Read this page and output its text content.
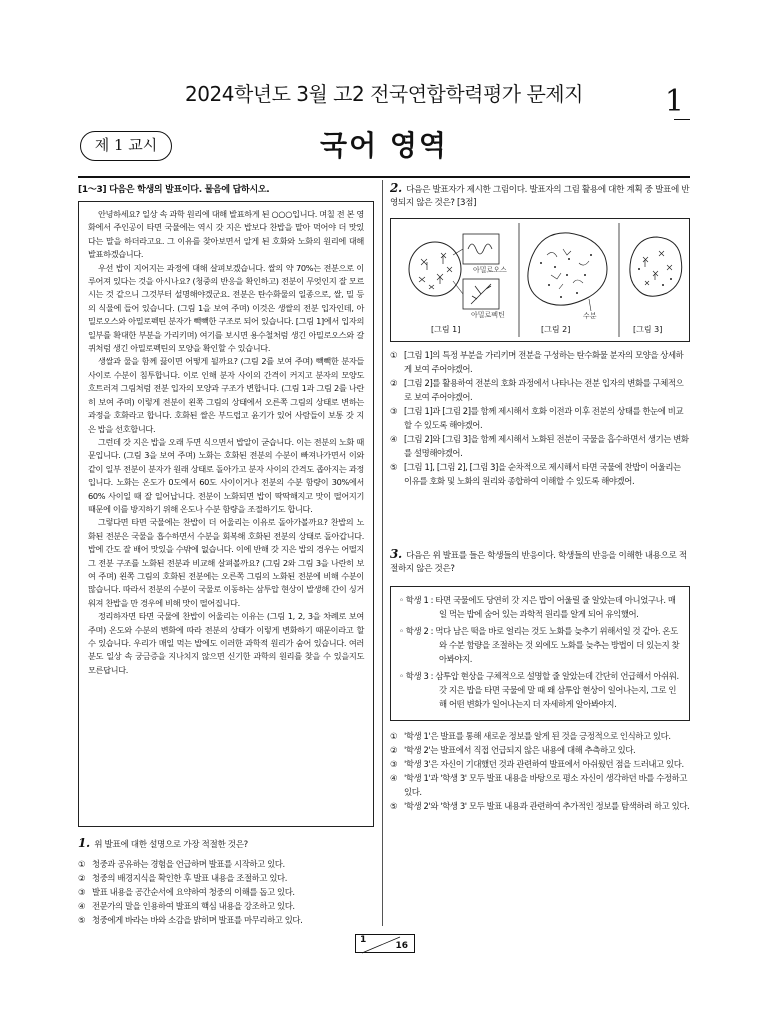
2024학년도 3월 고2 전국연합학력평가 문제지	1
제 1 교시	국어 영역
[1～3] 다음은 학생의 발표이다. 물음에 답하시오.

안녕하세요? 일상 속 과학 원리에 대해 발표하게 된 ○○○입니다. 며칠 전 본 영화에서 주인공이 타면 국물에는 역시 갓 지은 밥보다 찬밥을 말아 먹어야 더 맛있다는 말을 하더라고요. 그 이유를 찾아보면서 알게 된 호화와 노화의 원리에 대해 발표하겠습니다.

우선 밥이 지어지는 과정에 대해 살펴보겠습니다. 쌀의 약 70%는 전분으로 이루어져 있다는 것을 아시나요? (청중의 반응을 확인하고) 전분이 무엇인지 잘 모르시는 것 같으니 그것부터 설명해야겠군요. 전분은 탄수화물의 일종으로, 쌀, 밀 등의 식물에 들어 있습니다. (그림 1을 보여 주며) 이것은 생쌀의 전분 입자인데, 아밀로오스와 아밀로펙틴 분자가 빽빽한 구조로 되어 있습니다. [그림 1]에서 입자의 일부를 확대한 부분을 가리키며) 여기를 보시면 용수철처럼 생긴 아밀로오스와 갈퀴처럼 생긴 아밀로펙틴의 모양을 확인할 수 있습니다.

생쌀과 물을 함께 끓이면 어떻게 될까요? (그림 2를 보여 주며) 빽빽한 분자들 사이로 수분이 침투합니다. 이로 인해 분자 사이의 간격이 커지고 분자의 모양도 흐트러져 그림처럼 전분 입자의 모양과 구조가 변합니다. (그림 1과 그림 2를 나란히 보여 주며) 이렇게 전분이 왼쪽 그림의 상태에서 오른쪽 그림의 상태로 변하는 과정을 호화라고 합니다. 호화된 쌀은 부드럽고 윤기가 있어 사람들이 보통 갓 지은 밥을 선호합니다.

그런데 갓 지은 밥을 오래 두면 식으면서 밥알이 굳습니다. 이는 전분의 노화 때문입니다. (그림 3을 보여 주며) 노화는 호화된 전분의 수분이 빠져나가면서 이와 같이 일부 전분이 분자가 원래 상태로 돌아가고 분자 사이의 간격도 좁아지는 과정입니다. 노화는 온도가 0도에서 60도 사이이거나 전분의 수분 함량이 30%에서 60% 사이일 때 잘 일어납니다. 전분이 노화되면 밥이 딱딱해지고 맛이 떨어지기 때문에 이를 방지하기 위해 온도나 수분 함량을 조절하기도 합니다.

그렇다면 타면 국물에는 찬밥이 더 어울리는 이유로 돌아가볼까요? 찬밥의 노화된 전분은 국물을 흡수하면서 수분을 회복해 호화된 전분의 상태로 돌아갑니다. 밥에 간도 잘 배어 맛있을 수밖에 없습니다. 이에 반해 갓 지은 밥의 경우는 어떨지 그 전분 구조를 노화된 전분과 비교해 살펴볼까요? (그림 2와 그림 3을 나란히 보여 주며) 왼쪽 그림의 호화된 전분에는 오른쪽 그림의 노화된 전분에 비해 수분이 많습니다. 따라서 전분의 수분이 국물로 이동하는 삼투압 현상이 발생해 간이 싱거워져 찬밥을 만 경우에 비해 맛이 떨어집니다.

정리하자면 타면 국물에 찬밥이 어울리는 이유는 (그림 1, 2, 3을 차례로 보여 주며) 온도와 수분의 변화에 따라 전분의 상태가 이렇게 변화하기 때문이라고 할 수 있습니다. 우리가 매일 먹는 밥에도 이러한 과학적 원리가 숨어 있습니다. 여러분도 일상 속 궁금증을 지나치지 않으면 신기한 과학의 원리를 찾을 수 있을지도 모른답니다.

1. 위 발표에 대한 설명으로 가장 적절한 것은?
① 청중과 공유하는 경험을 언급하며 발표를 시작하고 있다.
② 청중의 배경지식을 확인한 후 발표 내용을 조절하고 있다.
③ 발표 내용을 공간순서에 요약하여 청중의 이해를 돕고 있다.
④ 전문가의 말을 인용하여 발표의 핵심 내용을 강조하고 있다.
⑤ 청중에게 바라는 바와 소감을 밝히며 발표를 마무리하고 있다.
2. 다음은 발표자가 제시한 그림이다. 발표자의 그림 활용에 대한 계획 중 발표에 반영되지 않은 것은? [3점]
아밀로오스
아밀로펙틴	수분
[그림 1]	[그림 2]	[그림 3]
① [그림 1]의 특정 부분을 가리키며 전분을 구성하는 탄수화물 분자의 모양을 상세하게 보여 주어야겠어.
② [그림 2]를 활용하여 전분의 호화 과정에서 나타나는 전분 입자의 변화를 구체적으로 보여 주어야겠어.
③ [그림 1]과 [그림 2]를 함께 제시해서 호화 이전과 이후 전분의 상태를 한눈에 비교할 수 있도록 해야겠어.
④ [그림 2]와 [그림 3]을 함께 제시해서 노화된 전분이 국물을 흡수하면서 생기는 변화를 설명해야겠어.
⑤ [그림 1], [그림 2], [그림 3]을 순차적으로 제시해서 타면 국물에 찬밥이 어울리는 이유를 호화 및 노화의 원리와 종합하여 이해할 수 있도록 해야겠어.
3. 다음은 위 발표를 들은 학생들의 반응이다. 학생들의 반응을 이해한 내용으로 적절하지 않은 것은?
◦ 학생 1 : 타면 국물에도 당연히 갓 지은 밥이 어울릴 줄 알았는데 아니었구나. 매일 먹는 밥에 숨어 있는 과학적 원리를 알게 되어 유익했어.
◦ 학생 2 : 먹다 남은 떡을 바로 얼리는 것도 노화를 늦추기 위해서일 것 같아. 온도와 수분 함량을 조절하는 것 외에도 노화를 늦추는 방법이 더 있는지 찾아봐야지.
◦ 학생 3 : 삼투압 현상을 구체적으로 설명할 줄 알았는데 간단히 언급해서 아쉬워. 갓 지은 밥을 타면 국물에 말 때 왜 삼투압 현상이 일어나는지, 그로 인해 어떤 변화가 일어나는지 더 자세하게 알아봐야지.
① '학생 1'은 발표를 통해 새로운 정보를 알게 된 것을 긍정적으로 인식하고 있다.
② '학생 2'는 발표에서 직접 언급되지 않은 내용에 대해 추측하고 있다.
③ '학생 3'은 자신이 기대했던 것과 관련하여 발표에서 아쉬웠던 점을 드러내고 있다.
④ '학생 1'과 '학생 3' 모두 발표 내용을 바탕으로 평소 자신이 생각하던 바를 수정하고 있다.
⑤ '학생 2'와 '학생 3' 모두 발표 내용과 관련하여 추가적인 정보를 탐색하려 하고 있다.
1
16
